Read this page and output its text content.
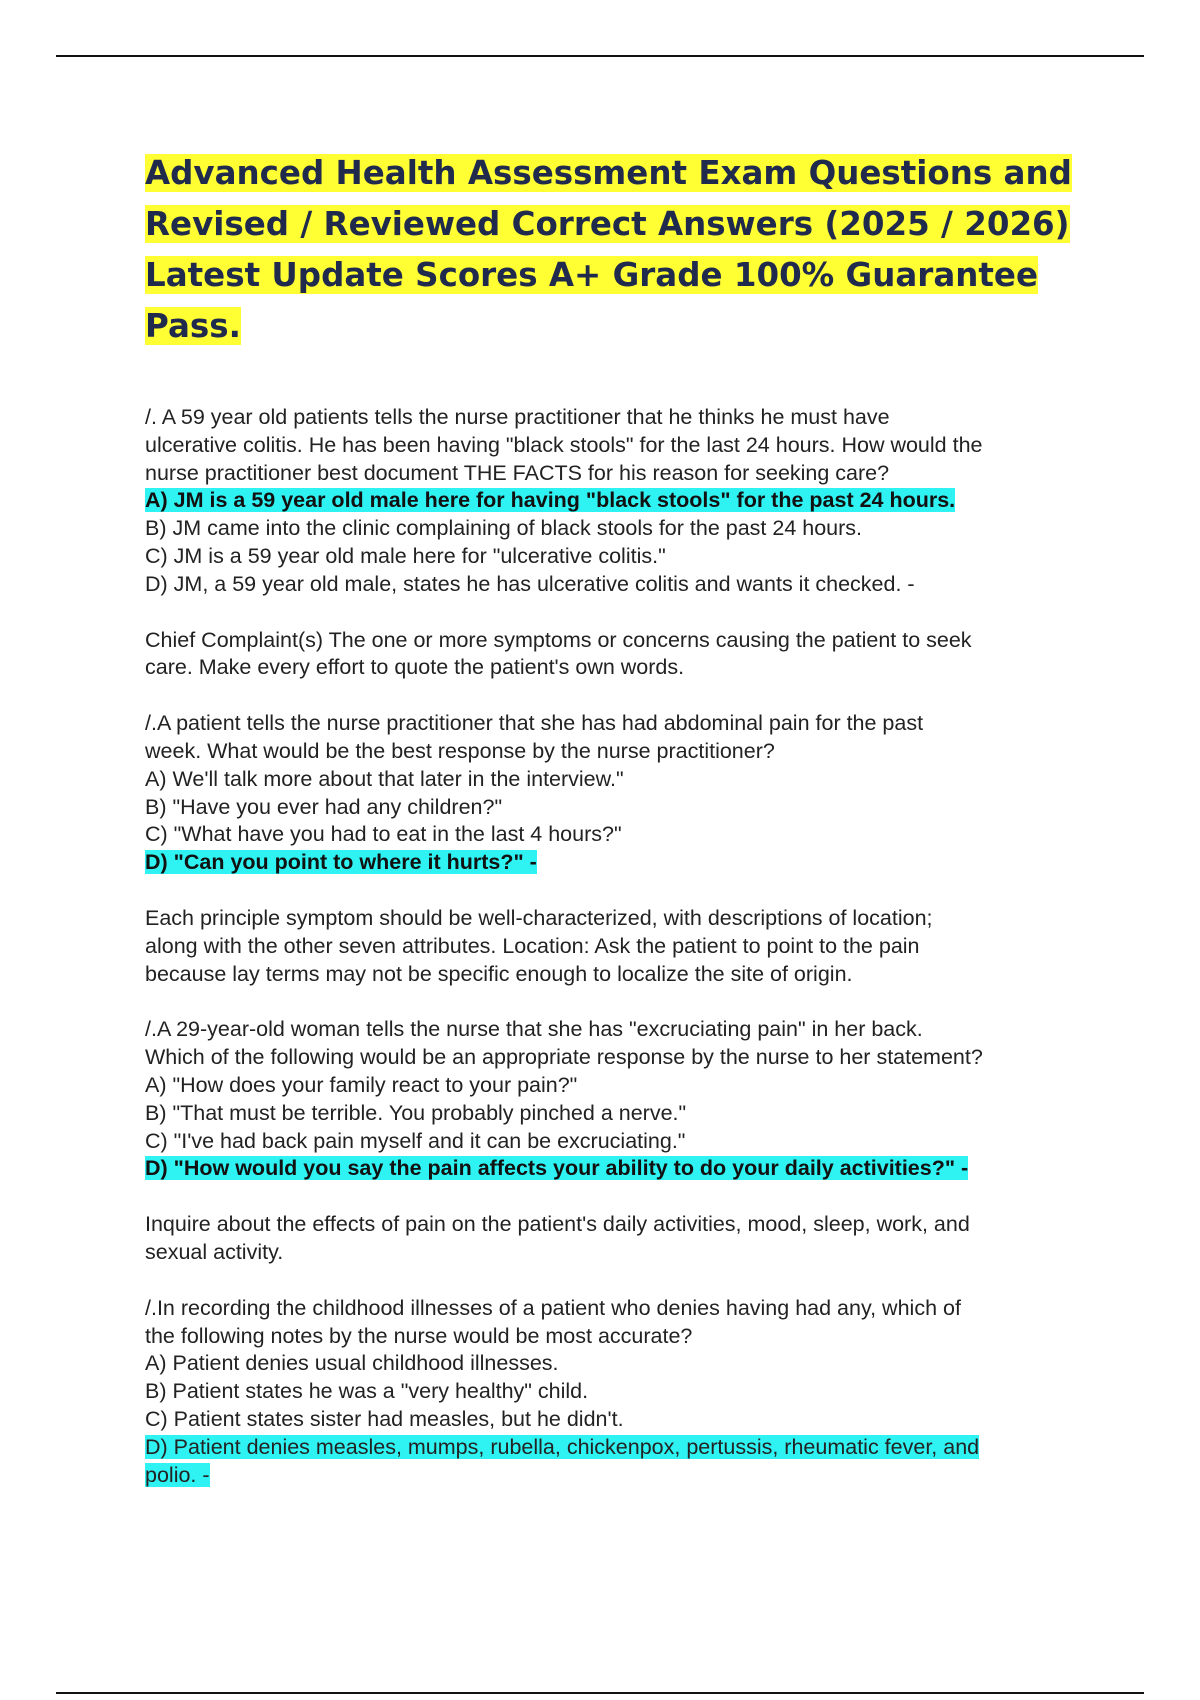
Advanced Health Assessment Exam Questions and
Revised / Reviewed Correct Answers (2025 / 2026)
Latest Update Scores A+ Grade 100% Guarantee Pass.
/. A 59 year old patients tells the nurse practitioner that he thinks he must have
ulcerative colitis. He has been having "black stools" for the last 24 hours. How would the
nurse practitioner best document THE FACTS for his reason for seeking care?
A) JM is a 59 year old male here for having "black stools" for the past 24 hours.
B) JM came into the clinic complaining of black stools for the past 24 hours.
C) JM is a 59 year old male here for "ulcerative colitis."
D) JM, a 59 year old male, states he has ulcerative colitis and wants it checked. -
Chief Complaint(s) The one or more symptoms or concerns causing the patient to seek
care. Make every effort to quote the patient's own words.
/.A patient tells the nurse practitioner that she has had abdominal pain for the past
week. What would be the best response by the nurse practitioner?
A) We'll talk more about that later in the interview."
B) "Have you ever had any children?"
C) "What have you had to eat in the last 4 hours?"
D) "Can you point to where it hurts?" -
Each principle symptom should be well-characterized, with descriptions of location;
along with the other seven attributes. Location: Ask the patient to point to the pain
because lay terms may not be specific enough to localize the site of origin.
/.A 29-year-old woman tells the nurse that she has "excruciating pain" in her back.
Which of the following would be an appropriate response by the nurse to her statement?
A) "How does your family react to your pain?"
B) "That must be terrible. You probably pinched a nerve."
C) "I've had back pain myself and it can be excruciating."
D) "How would you say the pain affects your ability to do your daily activities?" -
Inquire about the effects of pain on the patient's daily activities, mood, sleep, work, and
sexual activity.
/.In recording the childhood illnesses of a patient who denies having had any, which of
the following notes by the nurse would be most accurate?
A) Patient denies usual childhood illnesses.
B) Patient states he was a "very healthy" child.
C) Patient states sister had measles, but he didn't.
D) Patient denies measles, mumps, rubella, chickenpox, pertussis, rheumatic fever, and
polio. -
